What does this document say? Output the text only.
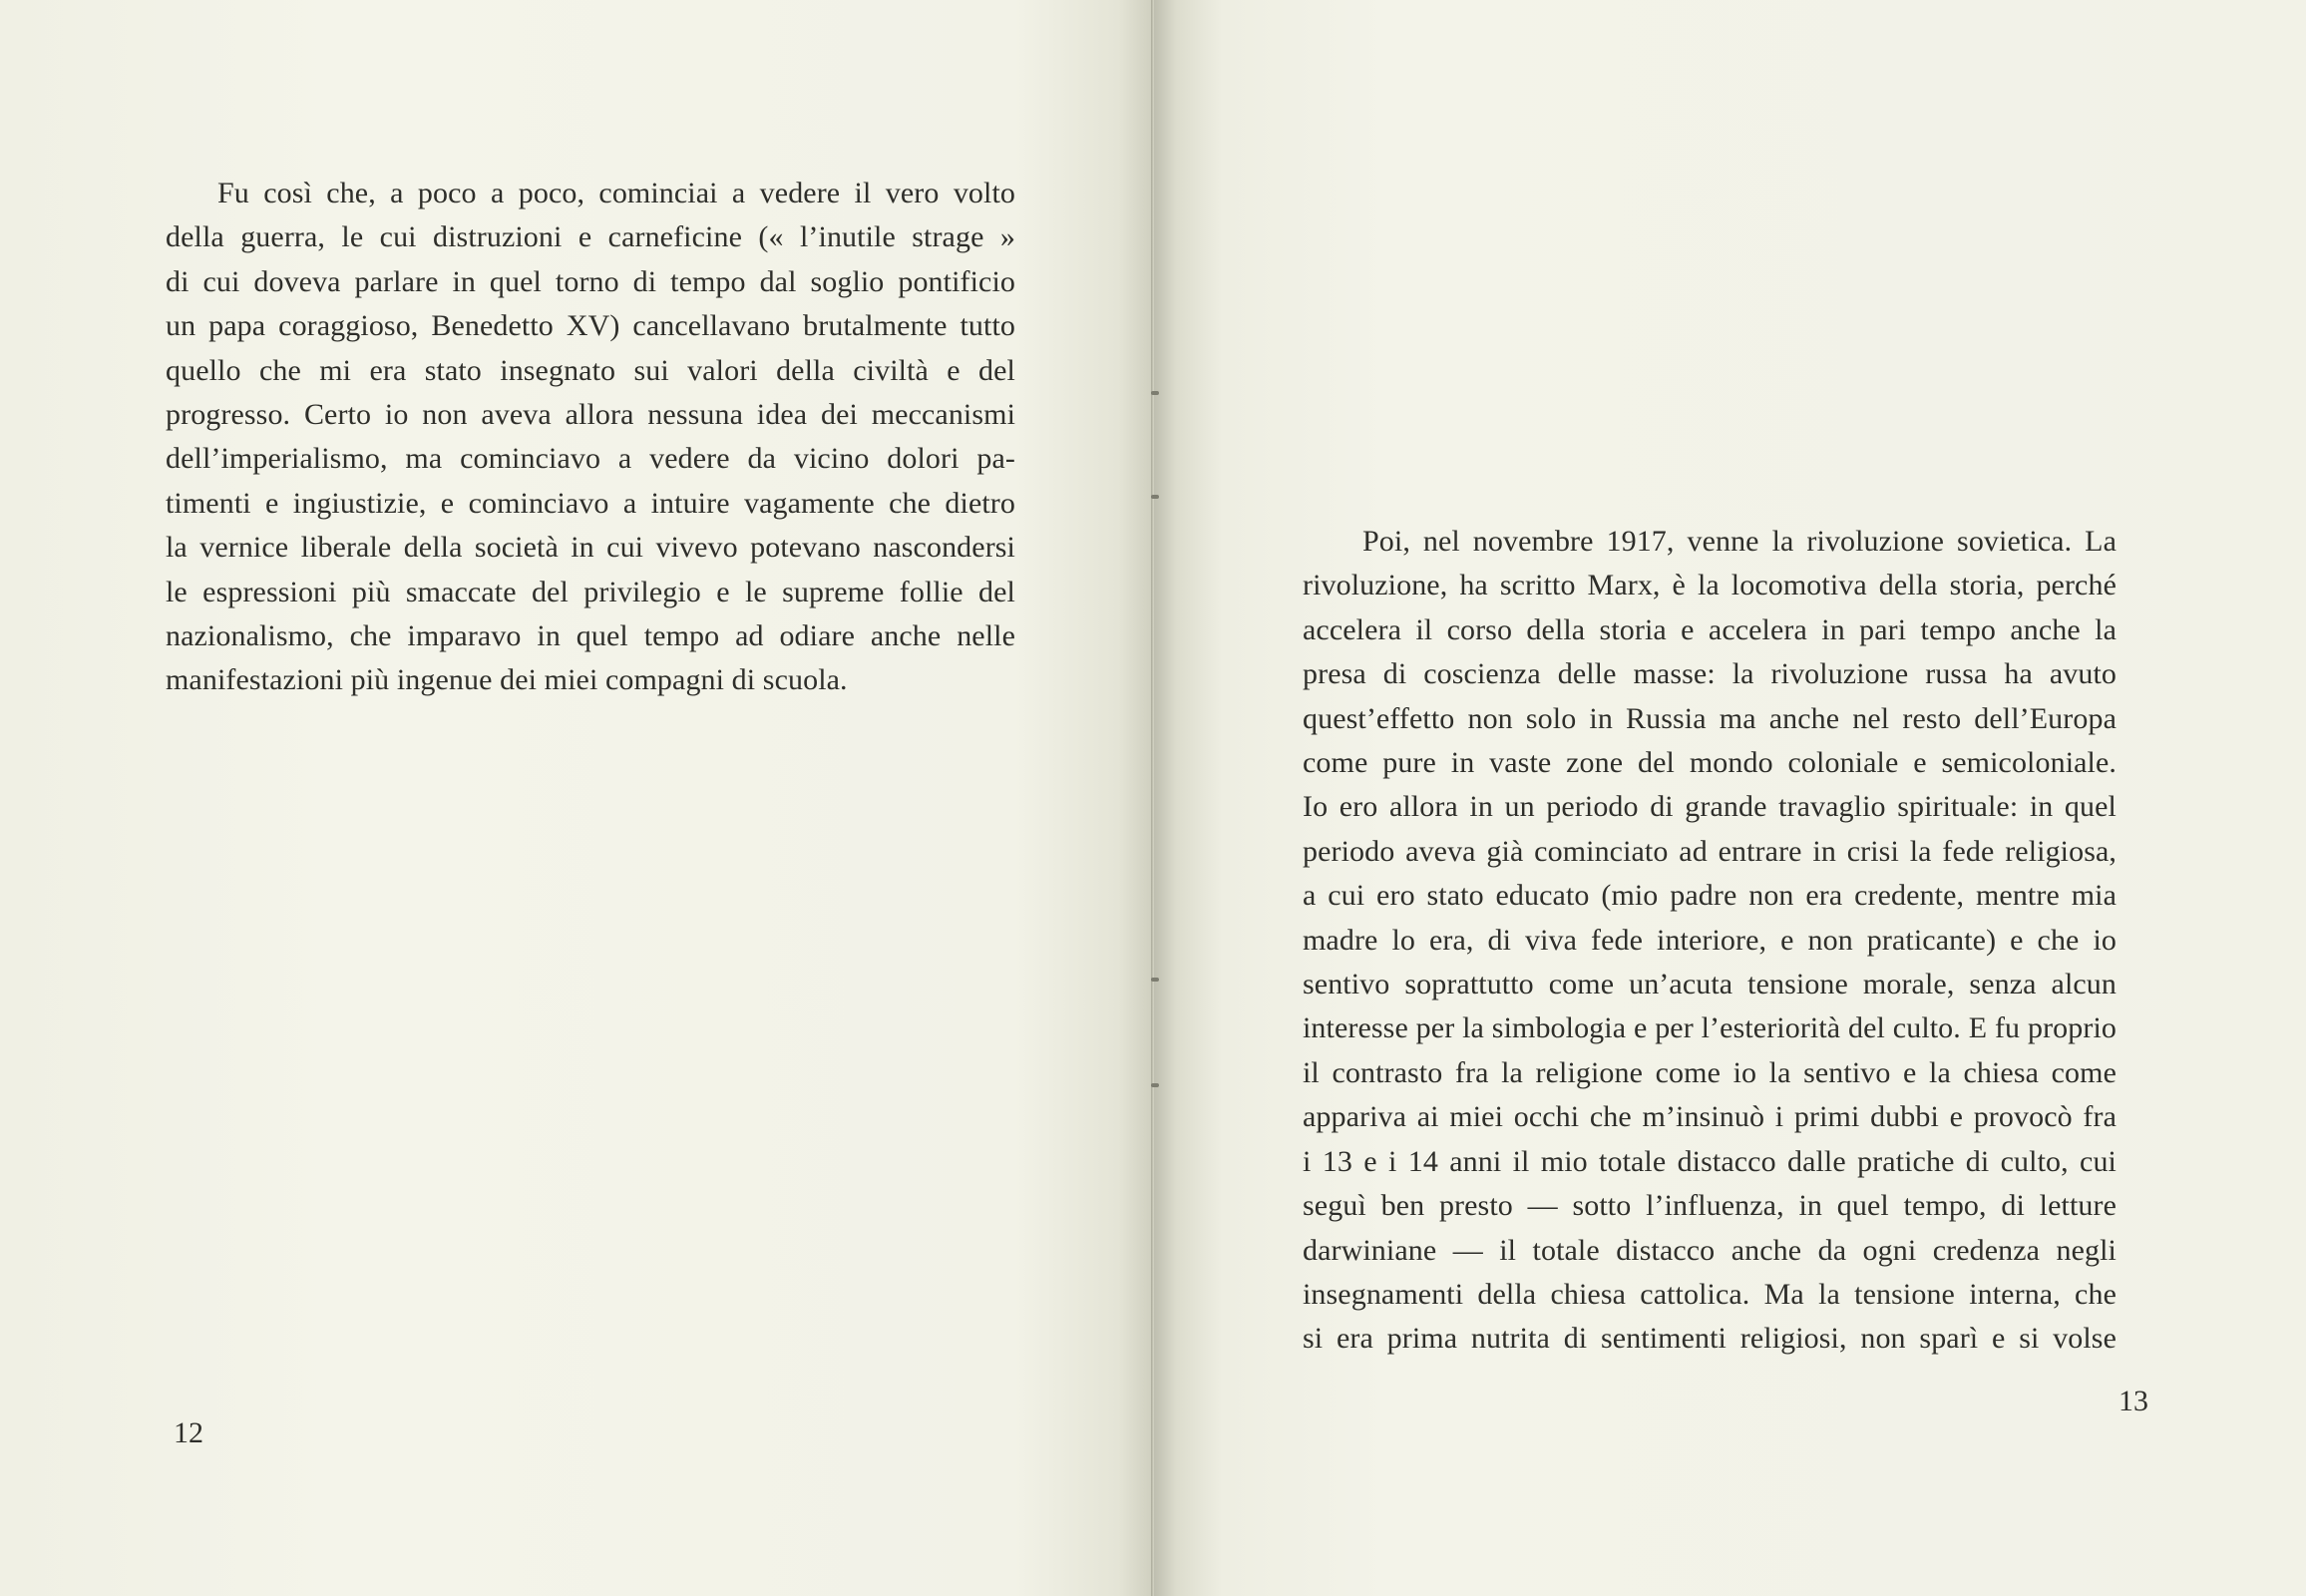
Fu così che, a poco a poco, cominciai a vedere il vero volto
della guerra, le cui distruzioni e carneficine (« l’inutile strage »
di cui doveva parlare in quel torno di tempo dal soglio pontificio
un papa coraggioso, Benedetto XV) cancellavano brutalmente tutto
quello che mi era stato insegnato sui valori della civiltà e del
progresso. Certo io non aveva allora nessuna idea dei meccanismi
dell’imperialismo, ma cominciavo a vedere da vicino dolori pa-
timenti e ingiustizie, e cominciavo a intuire vagamente che dietro
la vernice liberale della società in cui vivevo potevano nascondersi
le espressioni più smaccate del privilegio e le supreme follie del
nazionalismo, che imparavo in quel tempo ad odiare anche nelle
manifestazioni più ingenue dei miei compagni di scuola.
12
Poi, nel novembre 1917, venne la rivoluzione sovietica. La
rivoluzione, ha scritto Marx, è la locomotiva della storia, perché
accelera il corso della storia e accelera in pari tempo anche la
presa di coscienza delle masse: la rivoluzione russa ha avuto
quest’effetto non solo in Russia ma anche nel resto dell’Europa
come pure in vaste zone del mondo coloniale e semicoloniale.
Io ero allora in un periodo di grande travaglio spirituale: in quel
periodo aveva già cominciato ad entrare in crisi la fede religiosa,
a cui ero stato educato (mio padre non era credente, mentre mia
madre lo era, di viva fede interiore, e non praticante) e che io
sentivo soprattutto come un’acuta tensione morale, senza alcun
interesse per la simbologia e per l’esteriorità del culto. E fu proprio
il contrasto fra la religione come io la sentivo e la chiesa come
appariva ai miei occhi che m’insinuò i primi dubbi e provocò fra
i 13 e i 14 anni il mio totale distacco dalle pratiche di culto, cui
seguì ben presto — sotto l’influenza, in quel tempo, di letture
darwiniane — il totale distacco anche da ogni credenza negli
insegnamenti della chiesa cattolica. Ma la tensione interna, che
si era prima nutrita di sentimenti religiosi, non sparì e si volse
13
